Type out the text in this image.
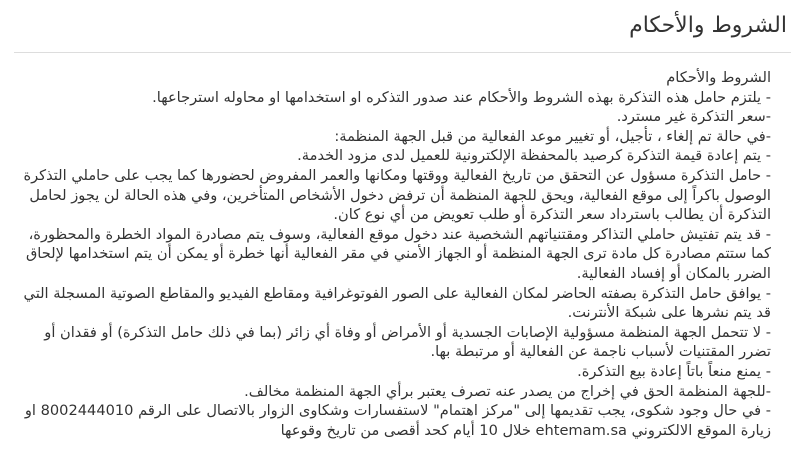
الشروط والأحكام
الشروط والأحكام
- يلتزم حامل هذه التذكرة بهذه الشروط والأحكام عند صدور التذكره او استخدامها او محاوله استرجاعها.
-سعر التذكرة غير مسترد.
-في حالة تم إلغاء ، تأجيل، أو تغيير موعد الفعالية من قبل الجهة المنظمة:
- يتم إعادة قيمة التذكرة كرصيد بالمحفظة الإلكترونية للعميل لدى مزود الخدمة.
- حامل التذكرة مسؤول عن التحقق من تاريخ الفعالية ووقتها ومكانها والعمر المفروض لحضورها كما يجب على حاملي التذكرة الوصول باكراً إلى موقع الفعالية، ويحق للجهة المنظمة أن ترفض دخول الأشخاص المتأخرين، وفي هذه الحالة لن يجوز لحامل التذكرة أن يطالب باسترداد سعر التذكرة أو طلب تعويض من أي نوع كان.
- قد يتم تفتيش حاملي التذاكر ومقتنياتهم الشخصية عند دخول موقع الفعالية، وسوف يتم مصادرة المواد الخطرة والمحظورة، كما ستتم مصادرة كل مادة ترى الجهة المنظمة أو الجهاز الأمني في مقر الفعالية أنها خطرة أو يمكن أن يتم استخدامها لإلحاق الضرر بالمكان أو إفساد الفعالية.
- يوافق حامل التذكرة بصفته الحاضر لمكان الفعالية على الصور الفوتوغرافية ومقاطع الفيديو والمقاطع الصوتية المسجلة التي قد يتم نشرها على شبكة الأنترنت.
- لا تتحمل الجهة المنظمة مسؤولية الإصابات الجسدية أو الأمراض أو وفاة أي زائر (بما في ذلك حامل التذكرة) أو فقدان أو تضرر المقتنيات لأسباب ناجمة عن الفعالية أو مرتبطة بها.
- يمنع منعاً باتاً إعادة بيع التذكرة.
-للجهة المنظمة الحق في إخراج من يصدر عنه تصرف يعتبر برأي الجهة المنظمة مخالف.
- في حال وجود شكوى، يجب تقديمها إلى "مركز اهتمام" لاستفسارات وشكاوى الزوار بالاتصال على الرقم 8002444010 او زيارة الموقع الالكتروني ehtemam.sa خلال 10 أيام كحد أقصى من تاريخ وقوعها
